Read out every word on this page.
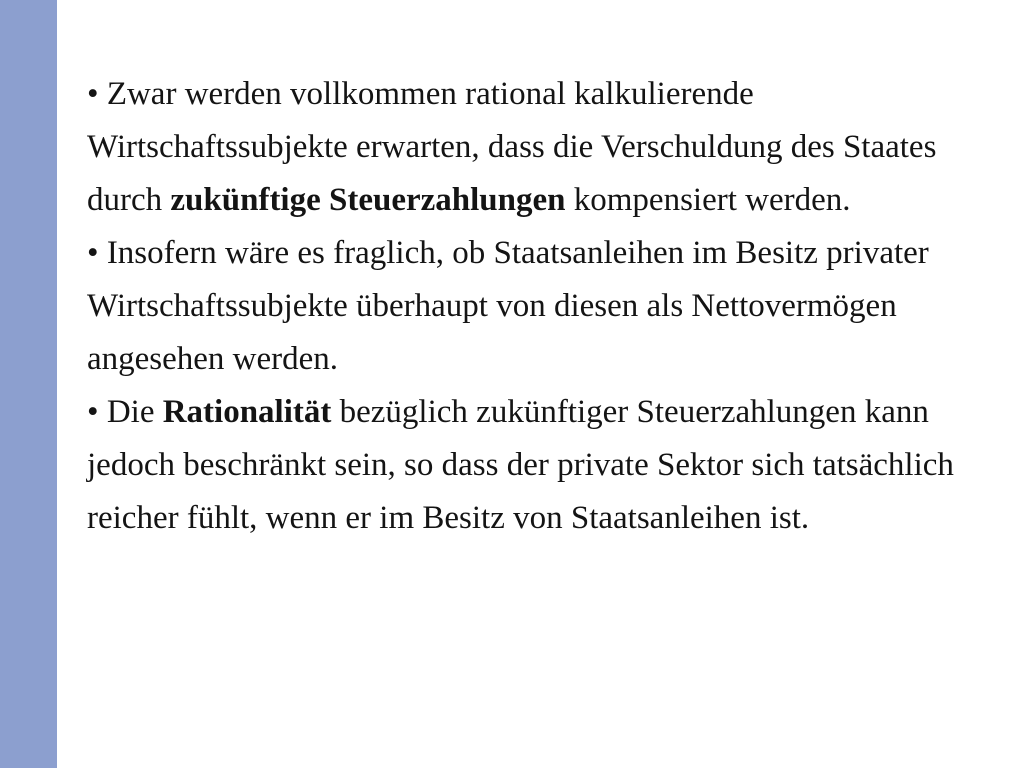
• Zwar werden vollkommen rational kalkulierende Wirtschaftssubjekte erwarten, dass die Verschuldung des Staates durch zukünftige Steuerzahlungen kompensiert werden.

• Insofern wäre es fraglich, ob Staatsanleihen im Besitz privater Wirtschaftssubjekte überhaupt von diesen als Nettovermögen angesehen werden.

• Die Rationalität bezüglich zukünftiger Steuerzahlungen kann jedoch beschränkt sein, so dass der private Sektor sich tatsächlich reicher fühlt, wenn er im Besitz von Staatsanleihen ist.
